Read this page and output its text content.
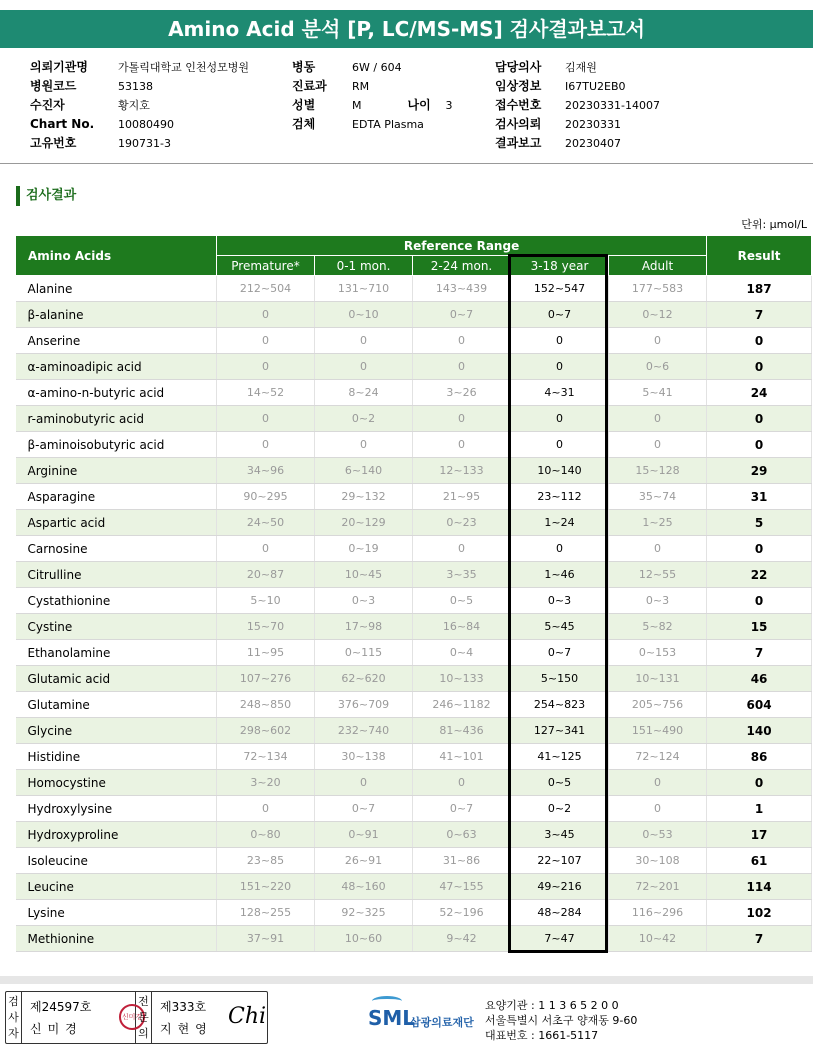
Amino Acid 분석 [P, LC/MS-MS] 검사결과보고서
의뢰기관명	가톨릭대학교 인천성모병원
병원코드	53138
수진자	황지호
Chart No. 10080490
고유번호	190731-3
병동	6W / 604
진료과 RM
성별	M	나이 3
검체	EDTA Plasma
담당의사 김재원
임상정보 I67TU2EB0
접수번호 20230331-14007
검사의뢰 20230331
결과보고 20230407
검사결과
단위: μmol/L
Amino Acids	Reference Range					Result
	Premature*	0-1 mon.	2-24 mon.	3-18 year	Adult	
Alanine	212~504	131~710	143~439	152~547	177~583	187
β-alanine	0	0~10	0~7	0~7	0~12	7
Anserine	0	0	0	0	0	0
α-aminoadipic acid	0	0	0	0	0~6	0
α-amino-n-butyric acid	14~52	8~24	3~26	4~31	5~41	24
r-aminobutyric acid	0	0~2	0	0	0	0
β-aminoisobutyric acid	0	0	0	0	0	0
Arginine	34~96	6~140	12~133	10~140	15~128	29
Asparagine	90~295	29~132	21~95	23~112	35~74	31
Aspartic acid	24~50	20~129	0~23	1~24	1~25	5
Carnosine	0	0~19	0	0	0	0
Citrulline	20~87	10~45	3~35	1~46	12~55	22
Cystathionine	5~10	0~3	0~5	0~3	0~3	0
Cystine	15~70	17~98	16~84	5~45	5~82	15
Ethanolamine	11~95	0~115	0~4	0~7	0~153	7
Glutamic acid	107~276	62~620	10~133	5~150	10~131	46
Glutamine	248~850	376~709	246~1182	254~823	205~756	604
Glycine	298~602	232~740	81~436	127~341	151~490	140
Histidine	72~134	30~138	41~101	41~125	72~124	86
Homocystine	3~20	0	0	0~5	0	0
Hydroxylysine	0	0~7	0~7	0~2	0	1
Hydroxyproline	0~80	0~91	0~63	3~45	0~53	17
Isoleucine	23~85	26~91	31~86	22~107	30~108	61
Leucine	151~220	48~160	47~155	49~216	72~201	114
Lysine	128~255	92~325	52~196	48~284	116~296	102
Methionine	37~91	10~60	9~42	7~47	10~42	7
검사자
제24597호
신미경
신미경
전문의
제333호
지현영 Chi	SML
삼광의료재단
요양기관 : 1 1 3 6 5 2 0 0
서울특별시 서초구 양재동 9-60
대표번호 : 1661-5117
